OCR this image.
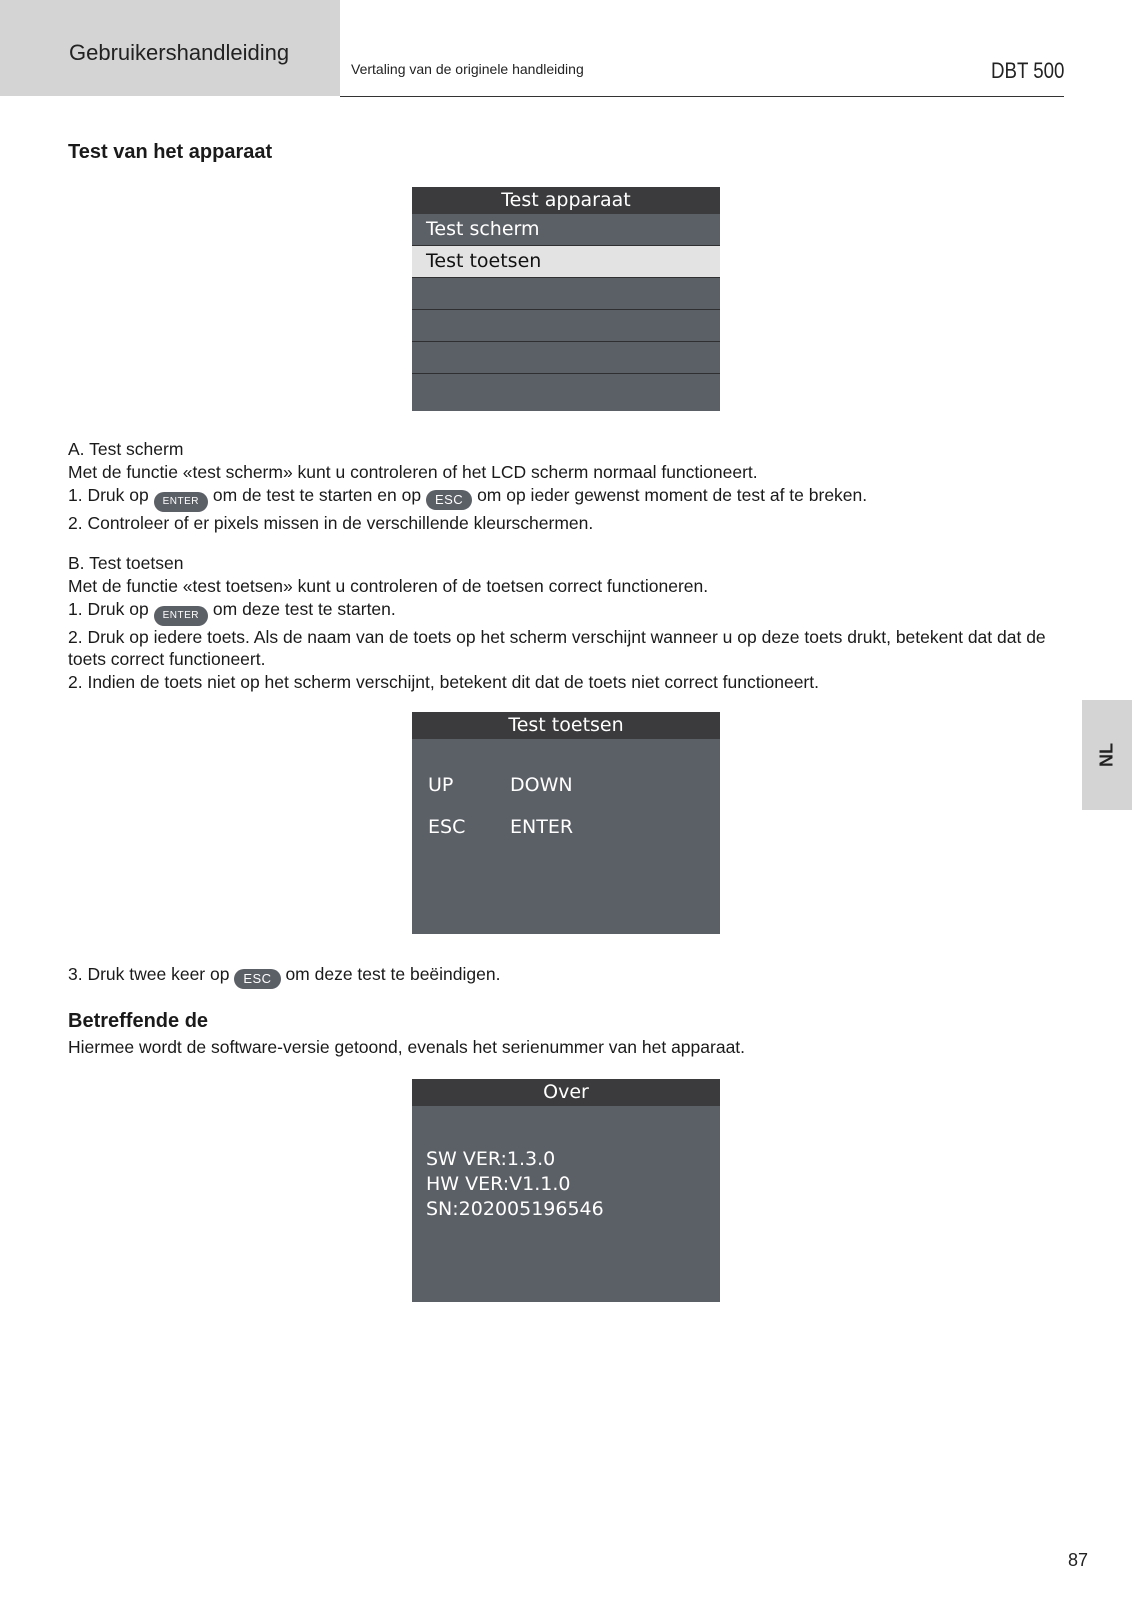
Gebruikershandleiding
Vertaling van de originele handleiding	DBT 500
NL
Test van het apparaat
Test apparaat
Test scherm
Test toetsen

A. Test scherm

Met de functie «test scherm» kunt u controleren of het LCD scherm normaal functioneert.

1. Druk op ENTER om de test te starten en op ESC om op ieder gewenst moment de test af te breken.

2. Controleer of er pixels missen in de verschillende kleurschermen.

B. Test toetsen

Met de functie «test toetsen» kunt u controleren of de toetsen correct functioneren.

1. Druk op ENTER om deze test te starten.

2. Druk op iedere toets. Als de naam van de toets op het scherm verschijnt wanneer u op deze toets drukt, betekent dat dat de toets correct functioneert.

2. Indien de toets niet op het scherm verschijnt, betekent dit dat de toets niet correct functioneert.

Test toetsen
UP	DOWN
ESC ENTER

3. Druk twee keer op ESC om deze test te beëindigen.

Betreffende de
Hiermee wordt de software-versie getoond, evenals het serienummer van het apparaat.
Over
SW VER:1.3.0
HW VER:V1.1.0
SN:202005196546
87
